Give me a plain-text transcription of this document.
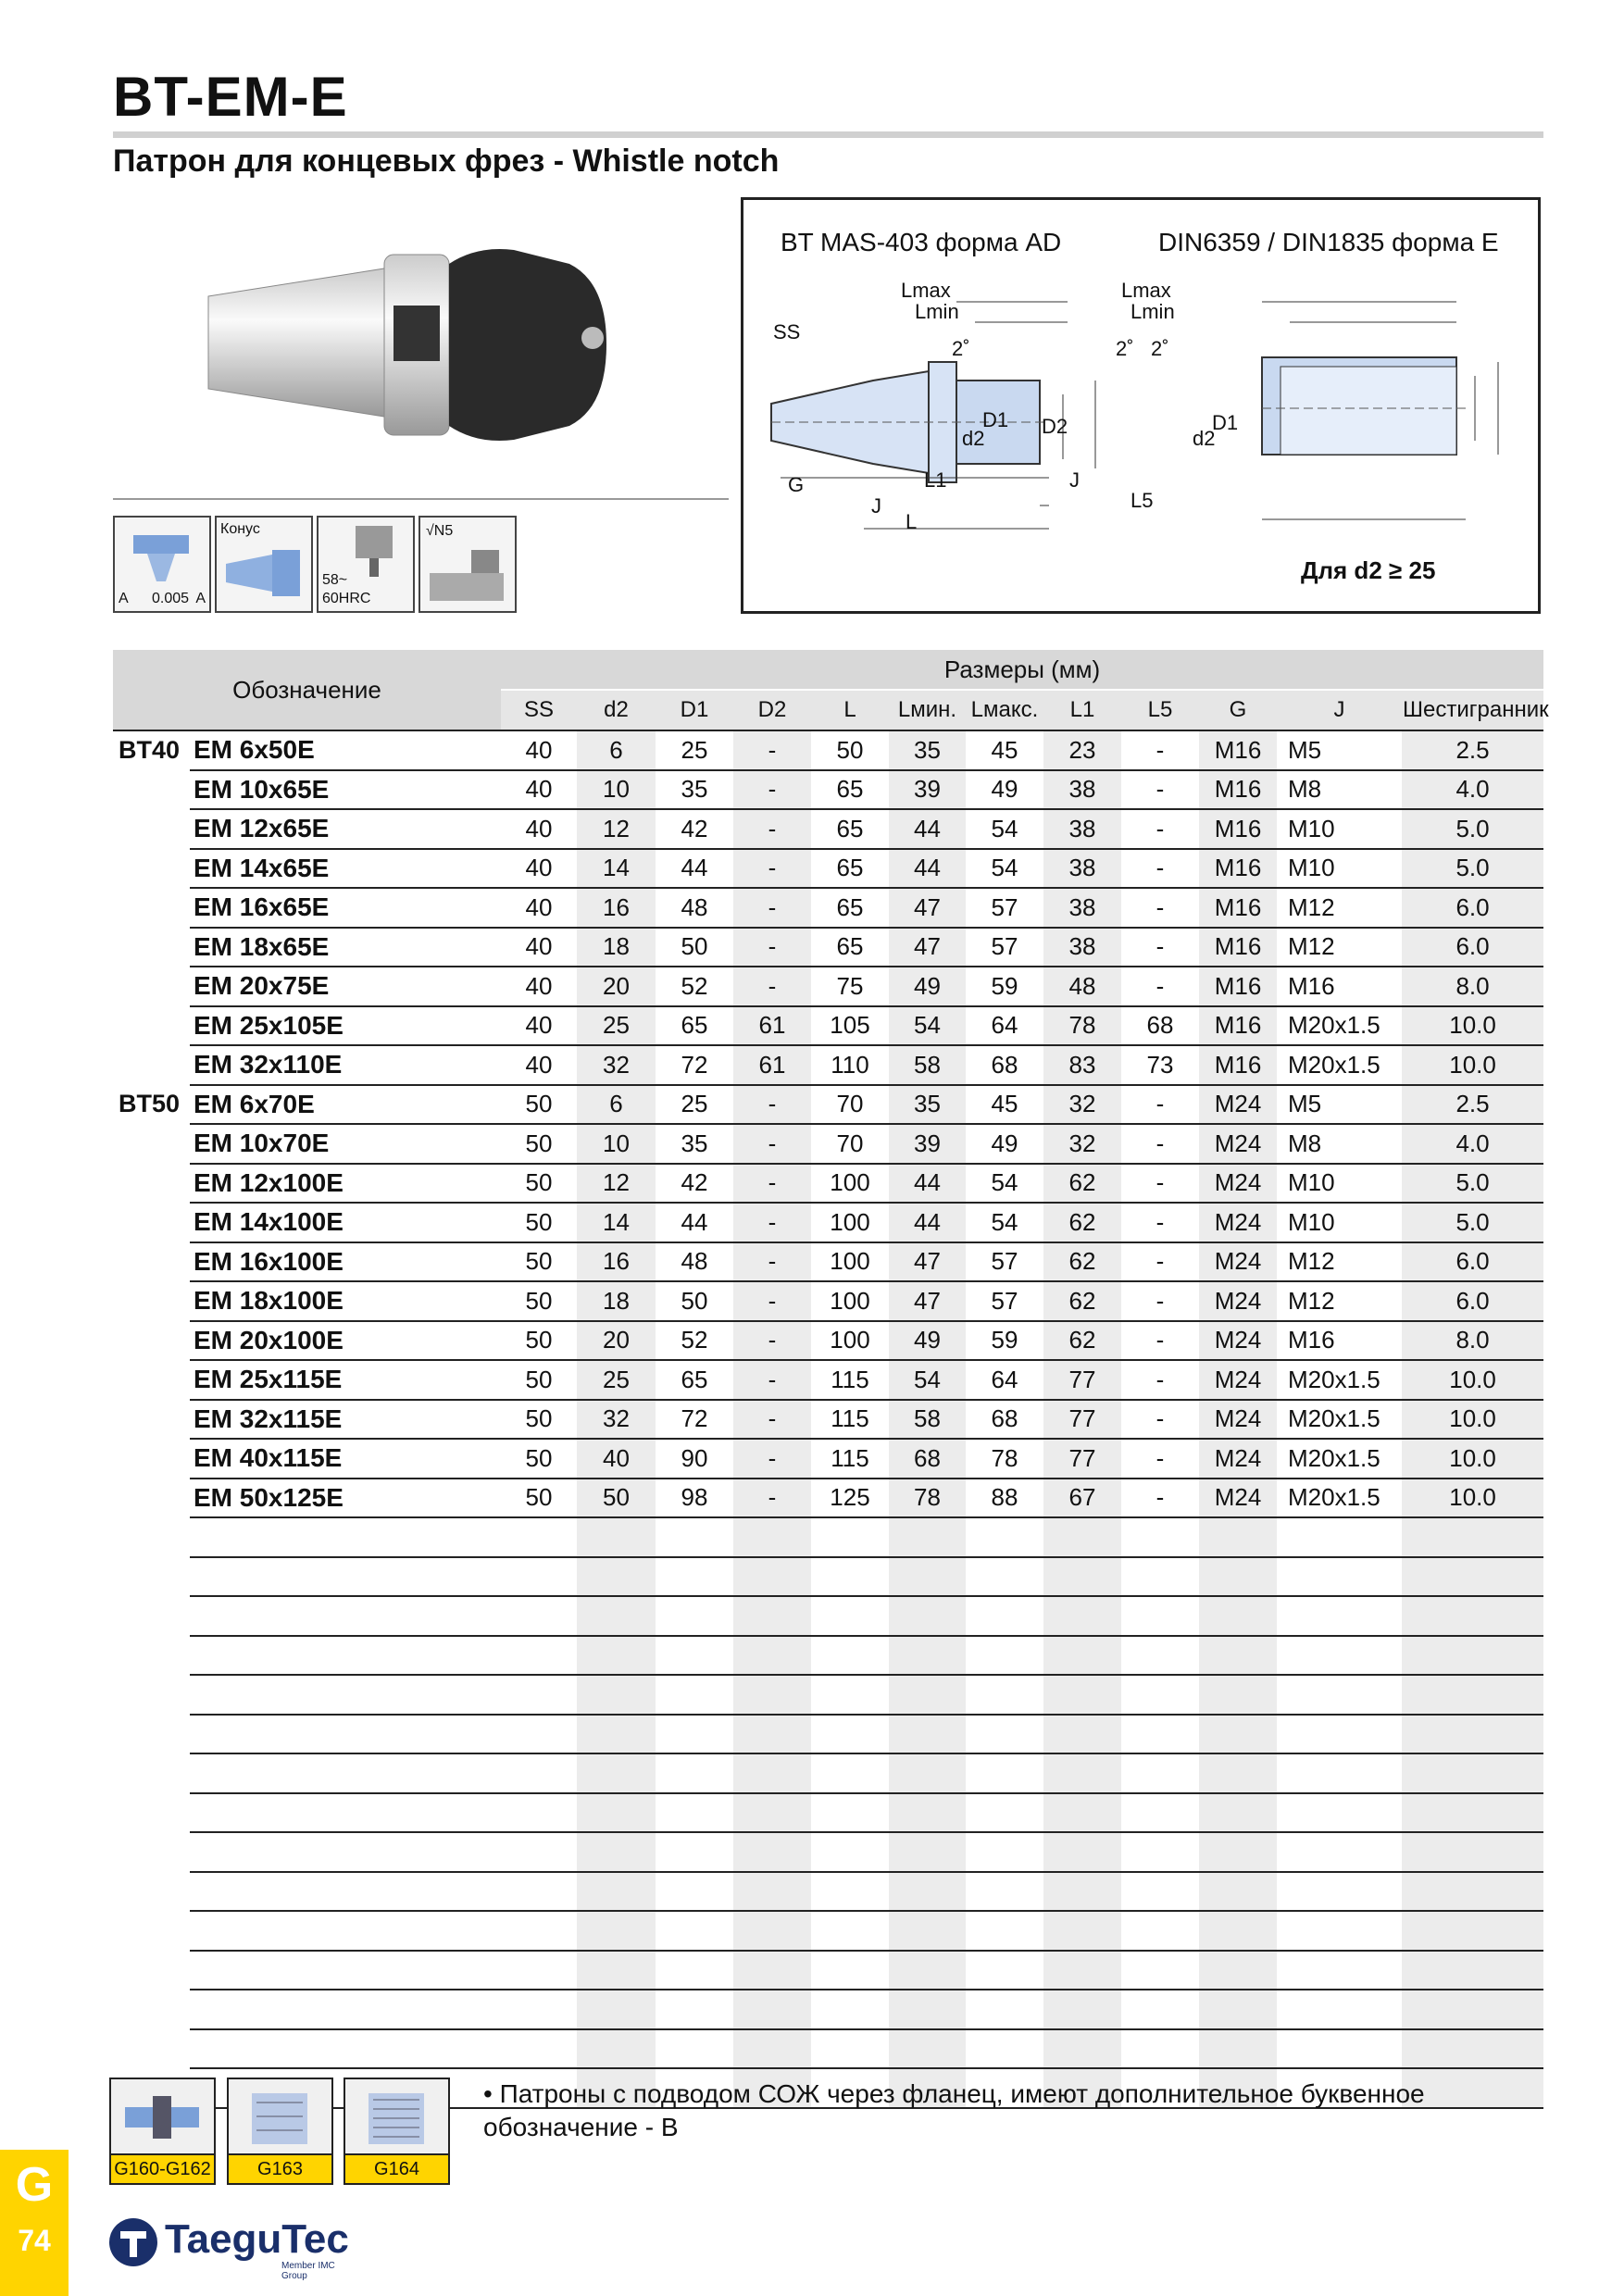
BT-EM-E
Патрон для концевых фрез - Whistle notch
A 0.005 A
Конус
58~
60HRC
√N5
BT MAS-403 форма AD	DIN6359 / DIN1835 форма E
SS
G
J
L
L1
Lmax
Lmin
2˚
D1
d2
Lmax
Lmin
2˚ 2˚
D2
d2
D1
J
L5
Для d2 ≥ 25
Обозначение		Размеры (мм)											
		SS	d2	D1	D2	L	Lмин.	Lмакс.	L1	L5	G	J	Шестигранник
BT40	EM 6x50E	40	6	25	-	50	35	45	23	-	M16	M5	2.5
	EM 10x65E	40	10	35	-	65	39	49	38	-	M16	M8	4.0
	EM 12x65E	40	12	42	-	65	44	54	38	-	M16	M10	5.0
	EM 14x65E	40	14	44	-	65	44	54	38	-	M16	M10	5.0
	EM 16x65E	40	16	48	-	65	47	57	38	-	M16	M12	6.0
	EM 18x65E	40	18	50	-	65	47	57	38	-	M16	M12	6.0
	EM 20x75E	40	20	52	-	75	49	59	48	-	M16	M16	8.0
	EM 25x105E	40	25	65	61	105	54	64	78	68	M16	M20x1.5	10.0
	EM 32x110E	40	32	72	61	110	58	68	83	73	M16	M20x1.5	10.0
BT50	EM 6x70E	50	6	25	-	70	35	45	32	-	M24	M5	2.5
	EM 10x70E	50	10	35	-	70	39	49	32	-	M24	M8	4.0
	EM 12x100E	50	12	42	-	100	44	54	62	-	M24	M10	5.0
	EM 14x100E	50	14	44	-	100	44	54	62	-	M24	M10	5.0
	EM 16x100E	50	16	48	-	100	47	57	62	-	M24	M12	6.0
	EM 18x100E	50	18	50	-	100	47	57	62	-	M24	M12	6.0
	EM 20x100E	50	20	52	-	100	49	59	62	-	M24	M16	8.0
	EM 25x115E	50	25	65	-	115	54	64	77	-	M24	M20x1.5	10.0
	EM 32x115E	50	32	72	-	115	58	68	77	-	M24	M20x1.5	10.0
	EM 40x115E	50	40	90	-	115	68	78	77	-	M24	M20x1.5	10.0
	EM 50x125E	50	50	98	-	125	78	88	67	-	M24	M20x1.5	10.0

G160-G162	G163	G164
• Патроны с подводом СОЖ через фланец, имеют дополнительное буквенное обозначение - B
G
74	TaeguTec
Member IMC Group
